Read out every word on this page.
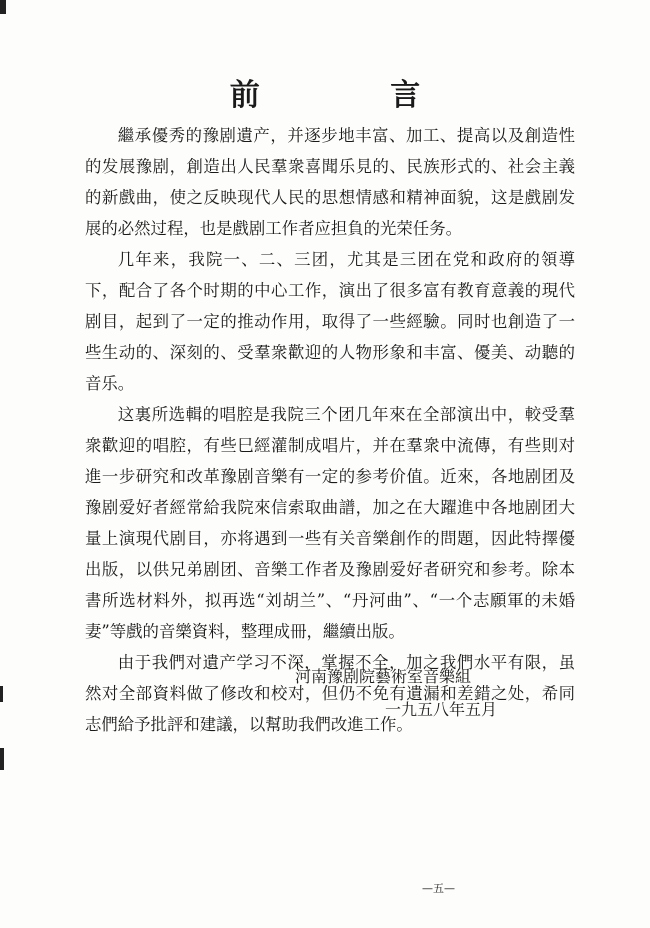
前 言

繼承優秀的豫剧遺产，并逐步地丰富、加工、提高以及創造性的发展豫剧，創造出人民羣衆喜聞乐見的、民族形式的、社会主義的新戲曲，使之反映现代人民的思想情感和精神面貌，这是戲剧发展的必然过程，也是戲剧工作者应担負的光荣任务。

几年来，我院一、二、三团，尤其是三团在党和政府的領導下，配合了各个时期的中心工作，演出了很多富有教育意義的現代剧目，起到了一定的推动作用，取得了一些經驗。同时也創造了一些生动的、深刻的、受羣衆歡迎的人物形象和丰富、優美、动聽的音乐。

这裏所选輯的唱腔是我院三个团几年來在全部演出中，較受羣衆歡迎的唱腔，有些巳經灌制成唱片，并在羣衆中流傳，有些則对進一步研究和改革豫剧音樂有一定的参考价值。近來，各地剧团及豫剧爱好者經常給我院來信索取曲譜，加之在大躍進中各地剧团大量上演現代剧目，亦将遇到一些有关音樂創作的問題，因此特擇優出版，以供兄弟剧团、音樂工作者及豫剧爱好者研究和参考。除本書所选材料外，拟再选“刘胡兰”、“丹河曲”、“一个志願軍的未婚妻”等戲的音樂資料，整理成冊，繼續出版。

由于我們对遺产学习不深，掌握不全，加之我們水平有限，虽然对全部資料做了修改和校对，但仍不免有遺漏和差錯之处，希同志們給予批評和建議，以幫助我們改進工作。

河南豫剧院藝術室音樂組
一九五八年五月
—五—
